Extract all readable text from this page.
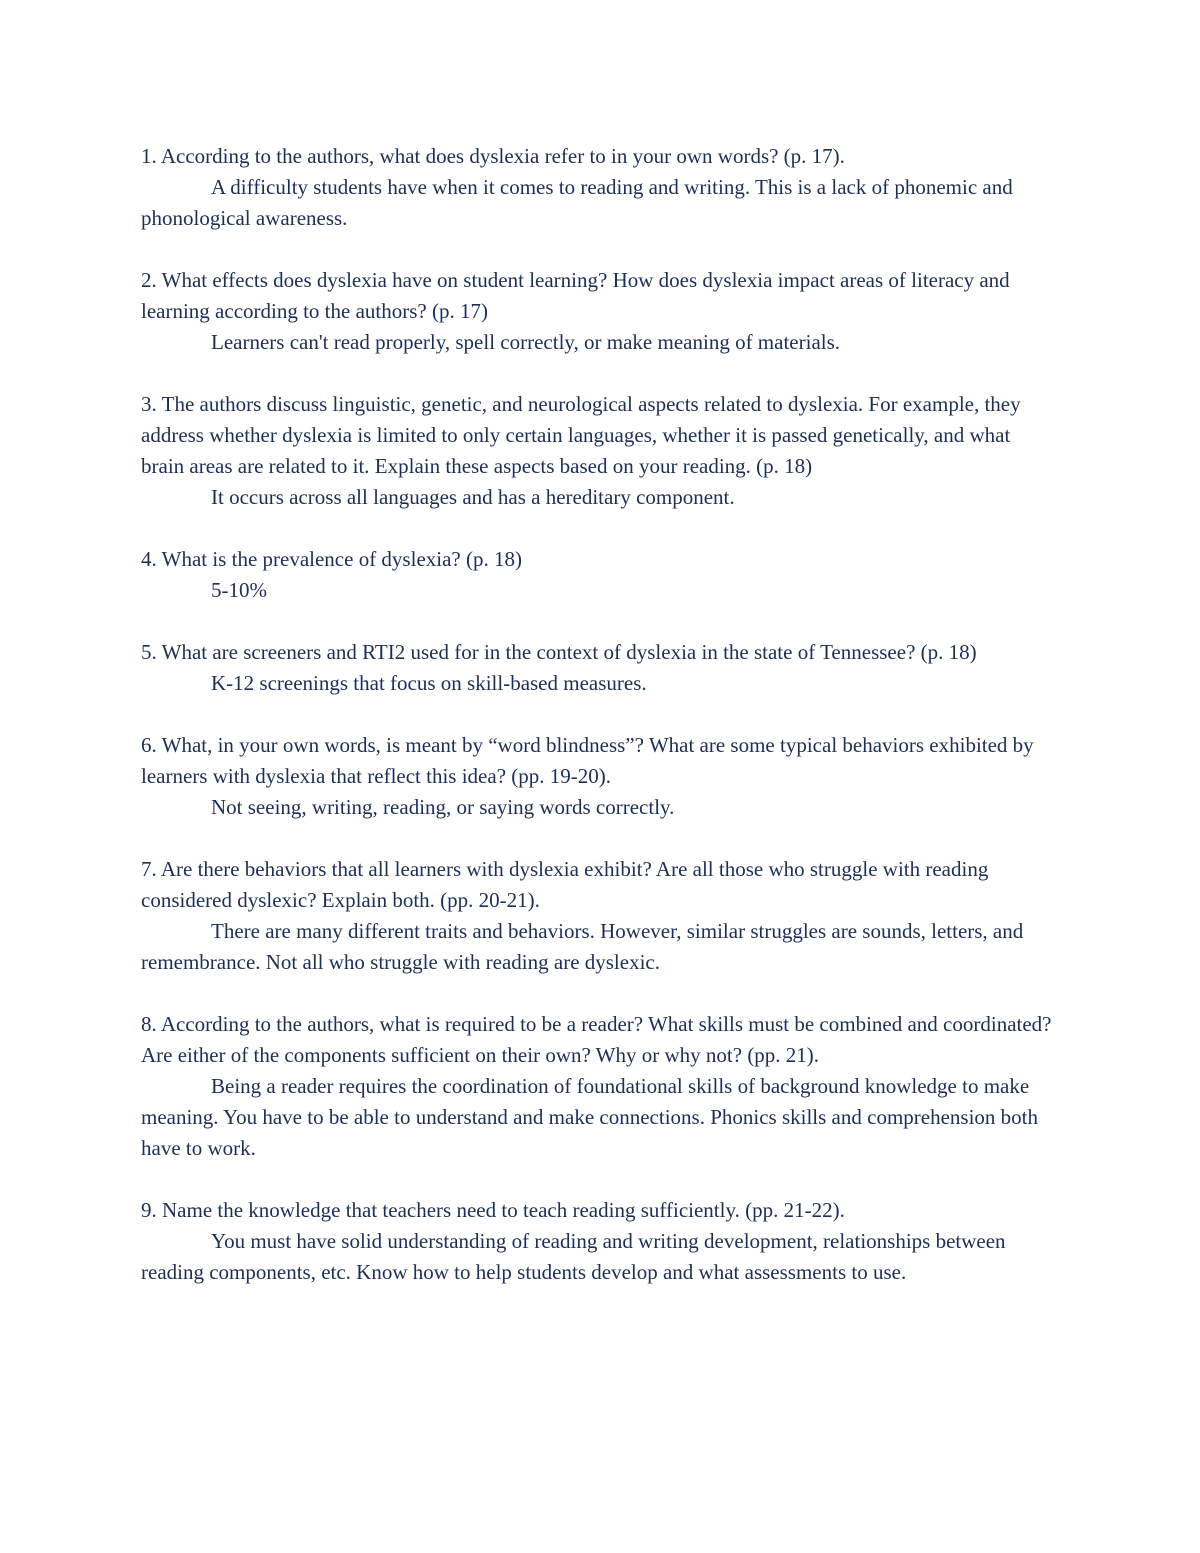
1. According to the authors, what does dyslexia refer to in your own words? (p. 17).

A difficulty students have when it comes to reading and writing. This is a lack of phonemic and phonological awareness.

2. What effects does dyslexia have on student learning? How does dyslexia impact areas of literacy and learning according to the authors? (p. 17)

Learners can't read properly, spell correctly, or make meaning of materials.

3. The authors discuss linguistic, genetic, and neurological aspects related to dyslexia. For example, they address whether dyslexia is limited to only certain languages, whether it is passed genetically, and what brain areas are related to it. Explain these aspects based on your reading. (p. 18)

It occurs across all languages and has a hereditary component.

4. What is the prevalence of dyslexia? (p. 18)

5-10%

5. What are screeners and RTI2 used for in the context of dyslexia in the state of Tennessee? (p. 18)

K-12 screenings that focus on skill-based measures.

6. What, in your own words, is meant by “word blindness”? What are some typical behaviors exhibited by learners with dyslexia that reflect this idea? (pp. 19-20).

Not seeing, writing, reading, or saying words correctly.

7. Are there behaviors that all learners with dyslexia exhibit? Are all those who struggle with reading considered dyslexic? Explain both. (pp. 20-21).

There are many different traits and behaviors. However, similar struggles are sounds, letters, and remembrance. Not all who struggle with reading are dyslexic.

8. According to the authors, what is required to be a reader? What skills must be combined and coordinated? Are either of the components sufficient on their own? Why or why not? (pp. 21).

Being a reader requires the coordination of foundational skills of background knowledge to make meaning. You have to be able to understand and make connections. Phonics skills and comprehension both have to work.

9. Name the knowledge that teachers need to teach reading sufficiently. (pp. 21-22).

You must have solid understanding of reading and writing development, relationships between reading components, etc. Know how to help students develop and what assessments to use.
